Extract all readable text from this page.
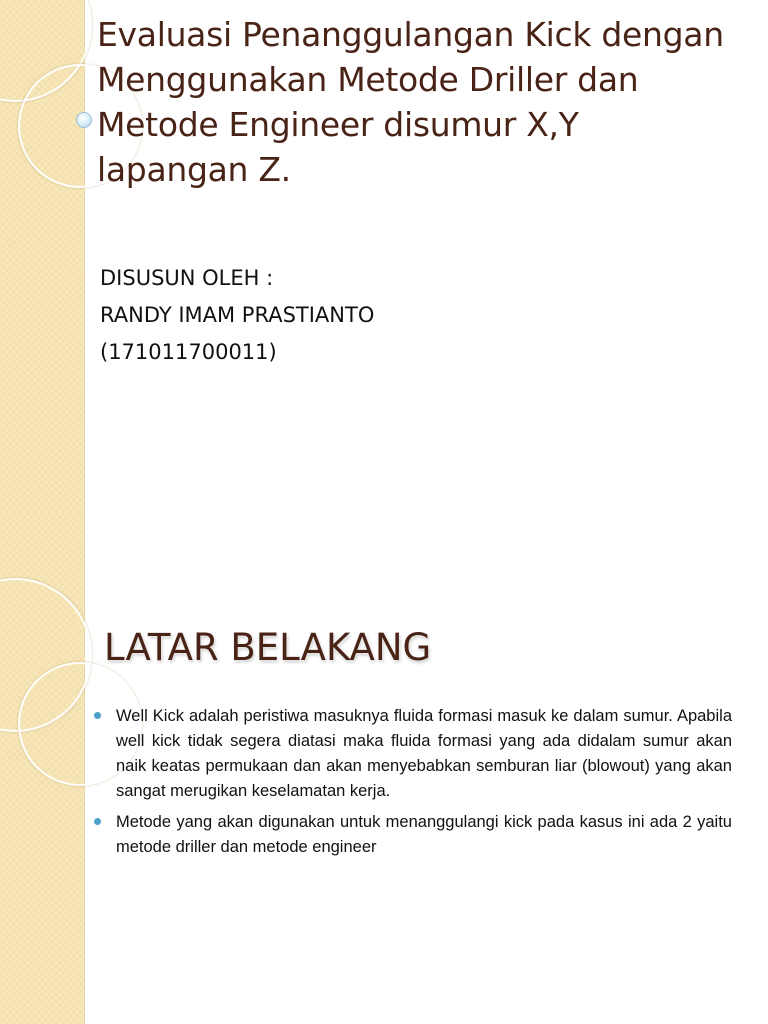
Evaluasi Penanggulangan Kick dengan Menggunakan Metode Driller dan Metode Engineer disumur X,Y lapangan Z.
DISUSUN OLEH :
RANDY IMAM PRASTIANTO
(171011700011)
LATAR BELAKANG
Well Kick adalah peristiwa masuknya fluida formasi masuk ke dalam sumur. Apabila well kick tidak segera diatasi maka fluida formasi yang ada didalam sumur akan naik keatas permukaan dan akan menyebabkan semburan liar (blowout) yang akan sangat merugikan keselamatan kerja.
Metode yang akan digunakan untuk menanggulangi kick pada kasus ini ada 2 yaitu metode driller dan metode engineer
